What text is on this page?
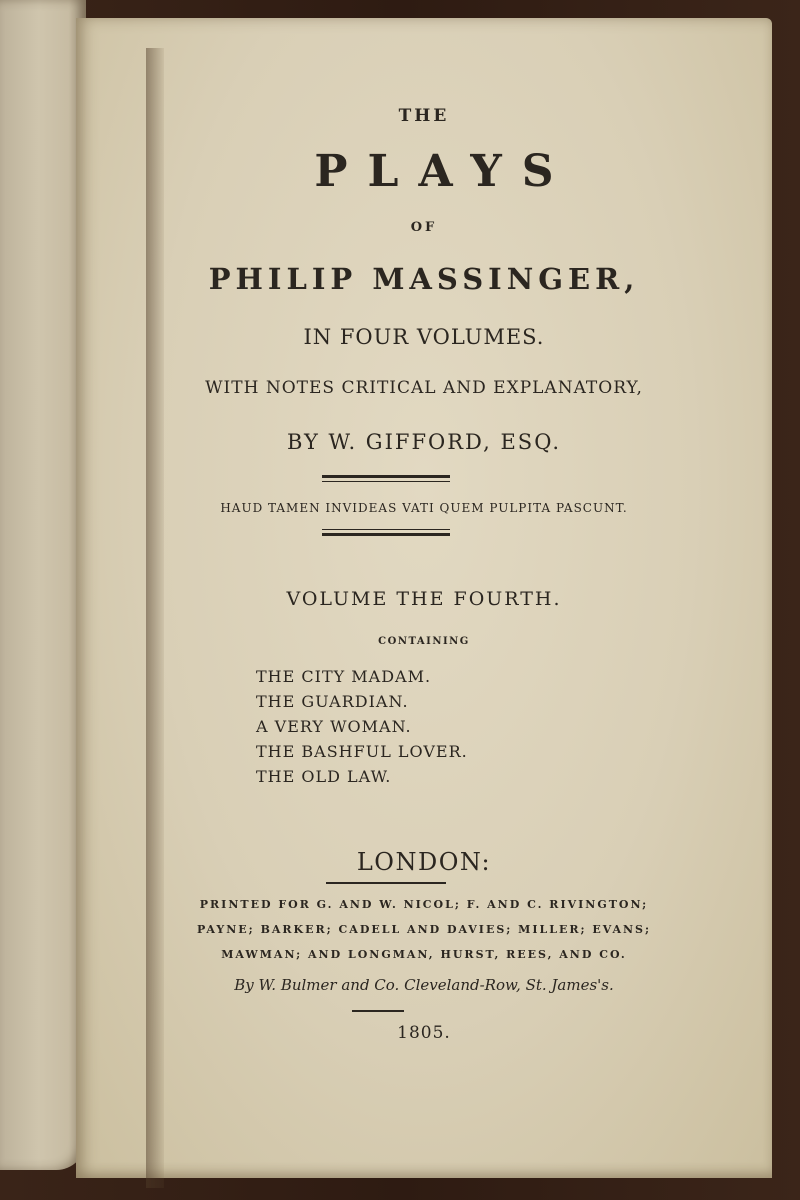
THE
PLAYS
OF
PHILIP MASSINGER,
IN FOUR VOLUMES.
WITH NOTES CRITICAL AND EXPLANATORY,
BY W. GIFFORD, ESQ.
HAUD TAMEN INVIDEAS VATI QUEM PULPITA PASCUNT.
VOLUME THE FOURTH.
CONTAINING
THE CITY MADAM.
THE GUARDIAN.
A VERY WOMAN.
THE BASHFUL LOVER.
THE OLD LAW.
LONDON:
PRINTED FOR G. AND W. NICOL; F. AND C. RIVINGTON;
PAYNE; BARKER; CADELL AND DAVIES; MILLER; EVANS;
MAWMAN; AND LONGMAN, HURST, REES, AND CO.
By W. Bulmer and Co. Cleveland-Row, St. James's.
1805.
